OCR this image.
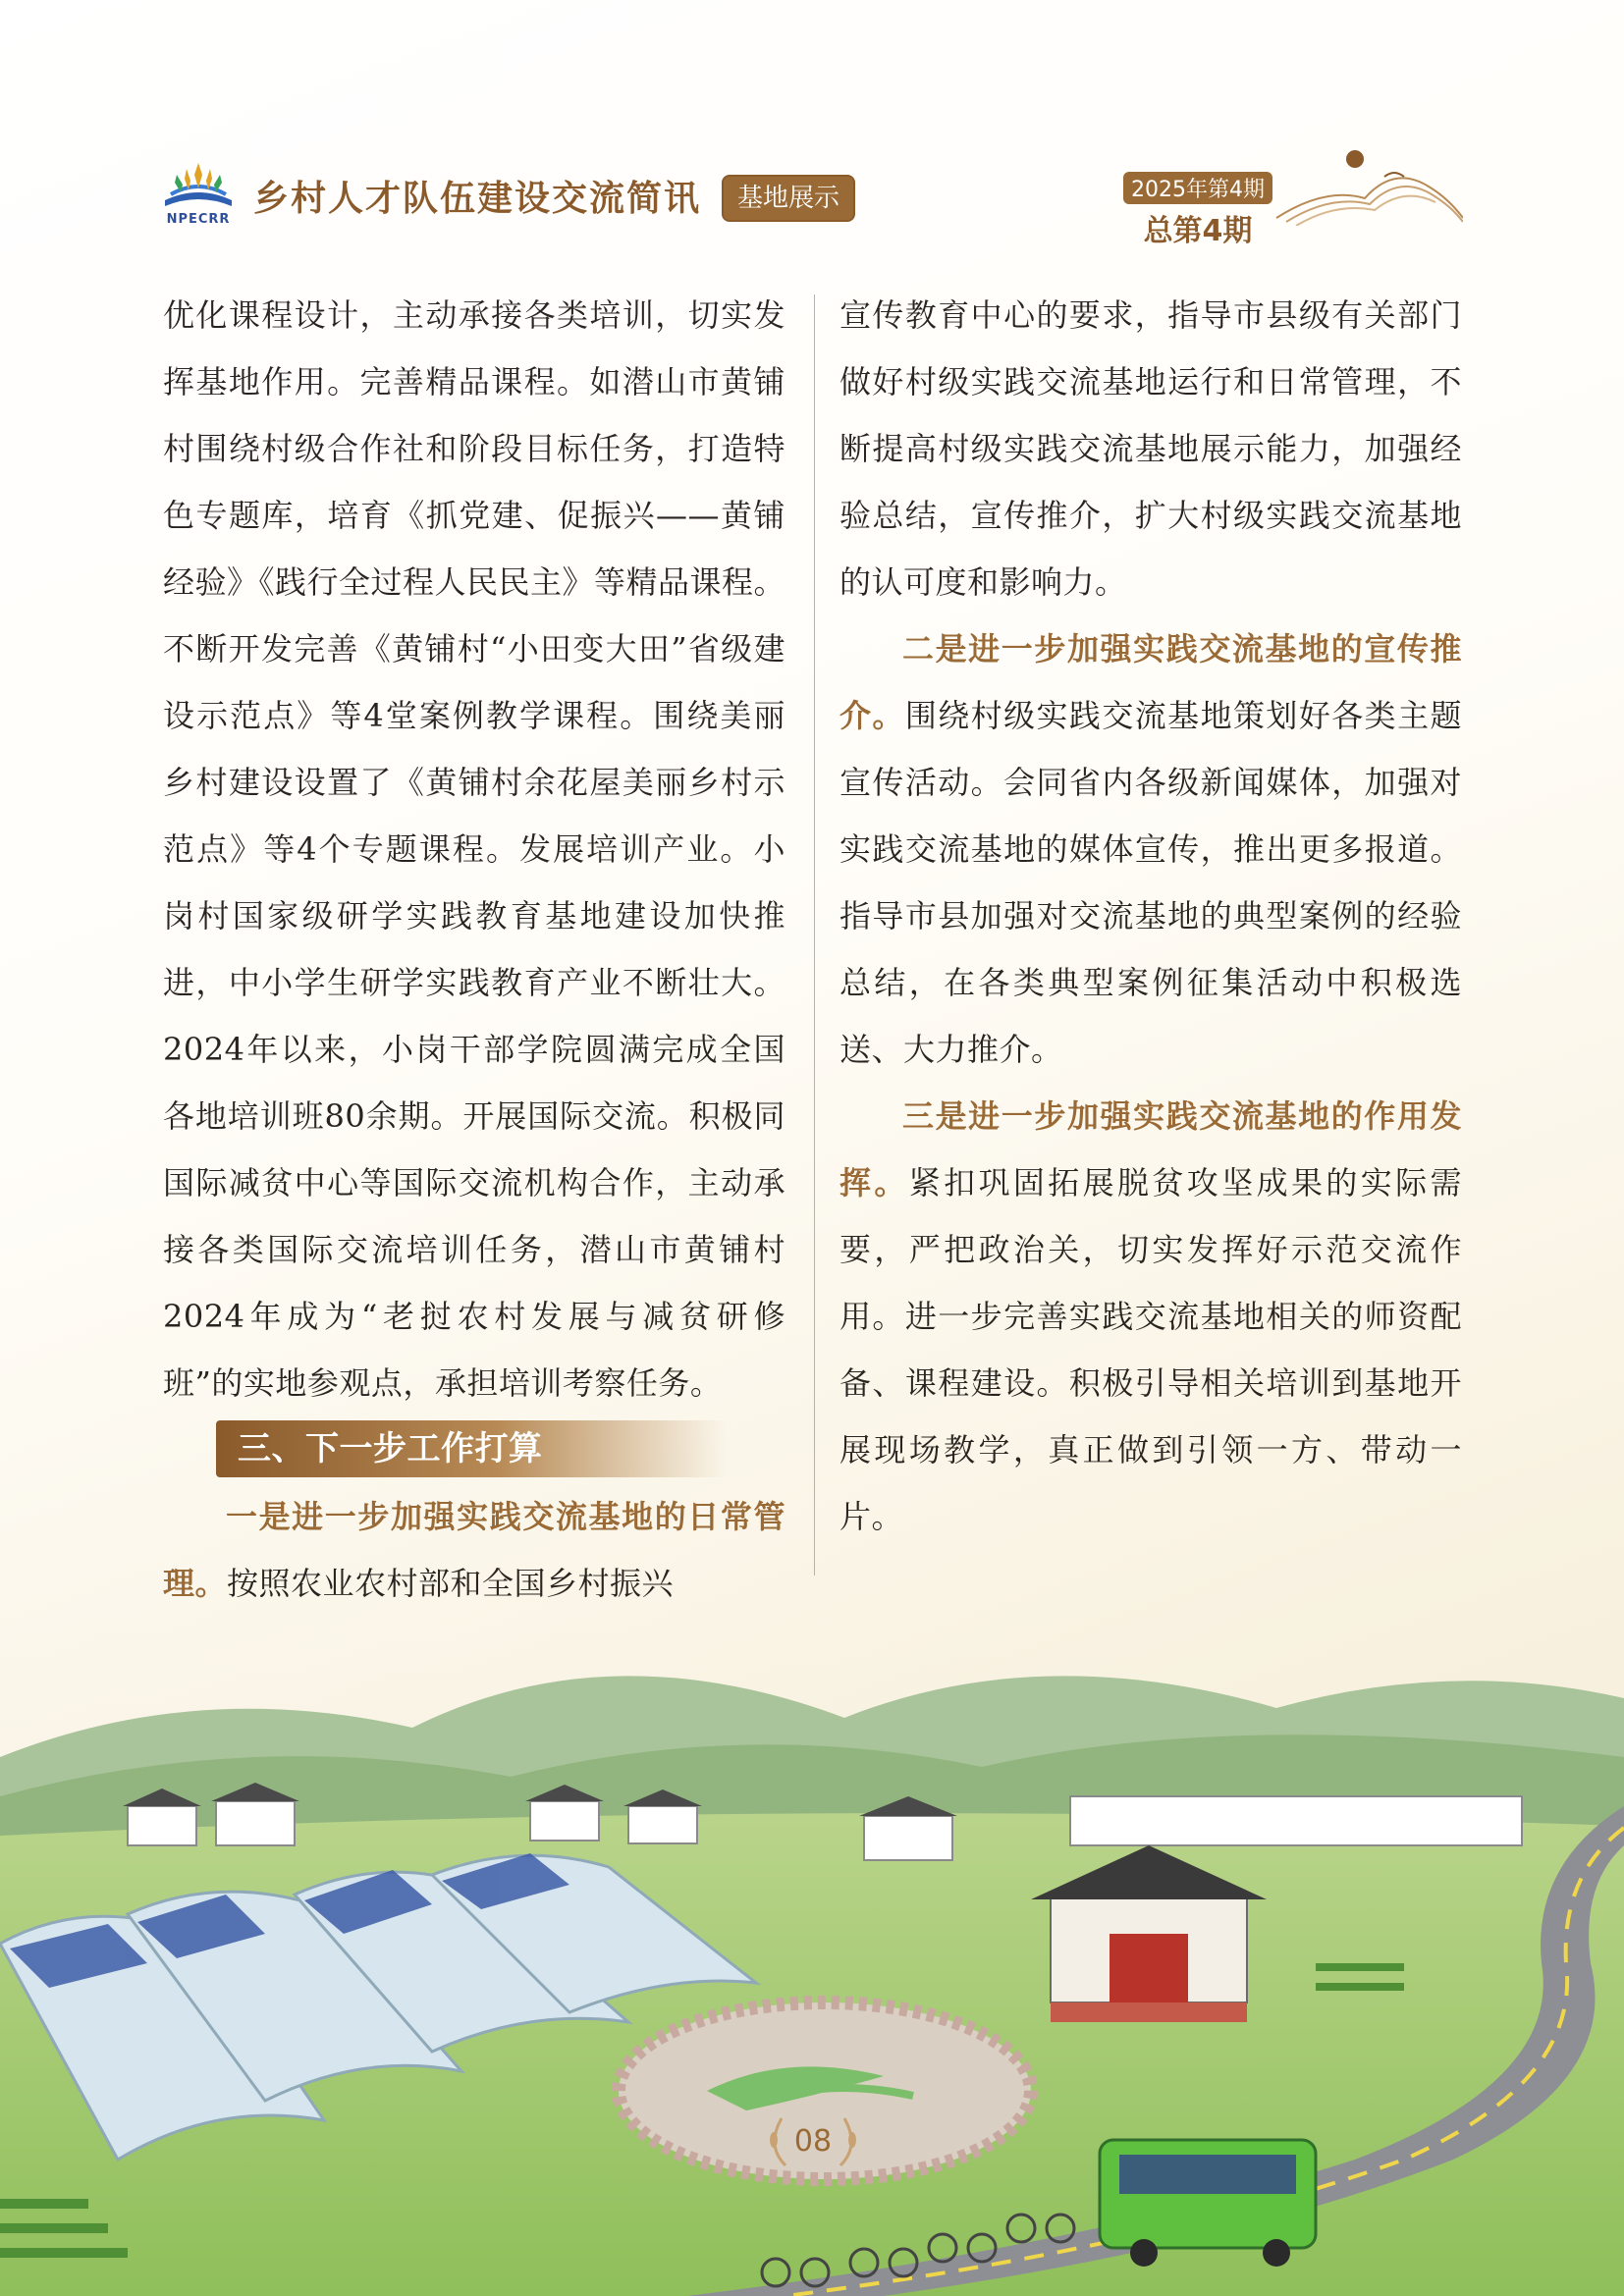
NPECRR
乡村人才队伍建设交流简讯	基地展示	2025年第4期
总第4期

优化课程设计，主动承接各类培训，切实发挥基地作用。完善精品课程。如潜山市黄铺村围绕村级合作社和阶段目标任务，打造特色专题库，培育《抓党建、促振兴——黄铺经验》《践行全过程人民民主》等精品课程。不断开发完善《黄铺村“小田变大田”省级建设示范点》等4堂案例教学课程。围绕美丽乡村建设设置了《黄铺村余花屋美丽乡村示范点》等4个专题课程。发展培训产业。小岗村国家级研学实践教育基地建设加快推进，中小学生研学实践教育产业不断壮大。2024年以来，小岗干部学院圆满完成全国各地培训班80余期。开展国际交流。积极同国际减贫中心等国际交流机构合作，主动承接各类国际交流培训任务，潜山市黄铺村2024年成为“老挝农村发展与减贫研修班”的实地参观点，承担培训考察任务。

三、下一步工作打算

一是进一步加强实践交流基地的日常管理。按照农业农村部和全国乡村振兴

宣传教育中心的要求，指导市县级有关部门做好村级实践交流基地运行和日常管理，不断提高村级实践交流基地展示能力，加强经验总结，宣传推介，扩大村级实践交流基地的认可度和影响力。

二是进一步加强实践交流基地的宣传推介。围绕村级实践交流基地策划好各类主题宣传活动。会同省内各级新闻媒体，加强对实践交流基地的媒体宣传，推出更多报道。指导市县加强对交流基地的典型案例的经验总结，在各类典型案例征集活动中积极选送、大力推介。

三是进一步加强实践交流基地的作用发挥。紧扣巩固拓展脱贫攻坚成果的实际需要，严把政治关，切实发挥好示范交流作用。进一步完善实践交流基地相关的师资配备、课程建设。积极引导相关培训到基地开展现场教学，真正做到引领一方、带动一片。

08
